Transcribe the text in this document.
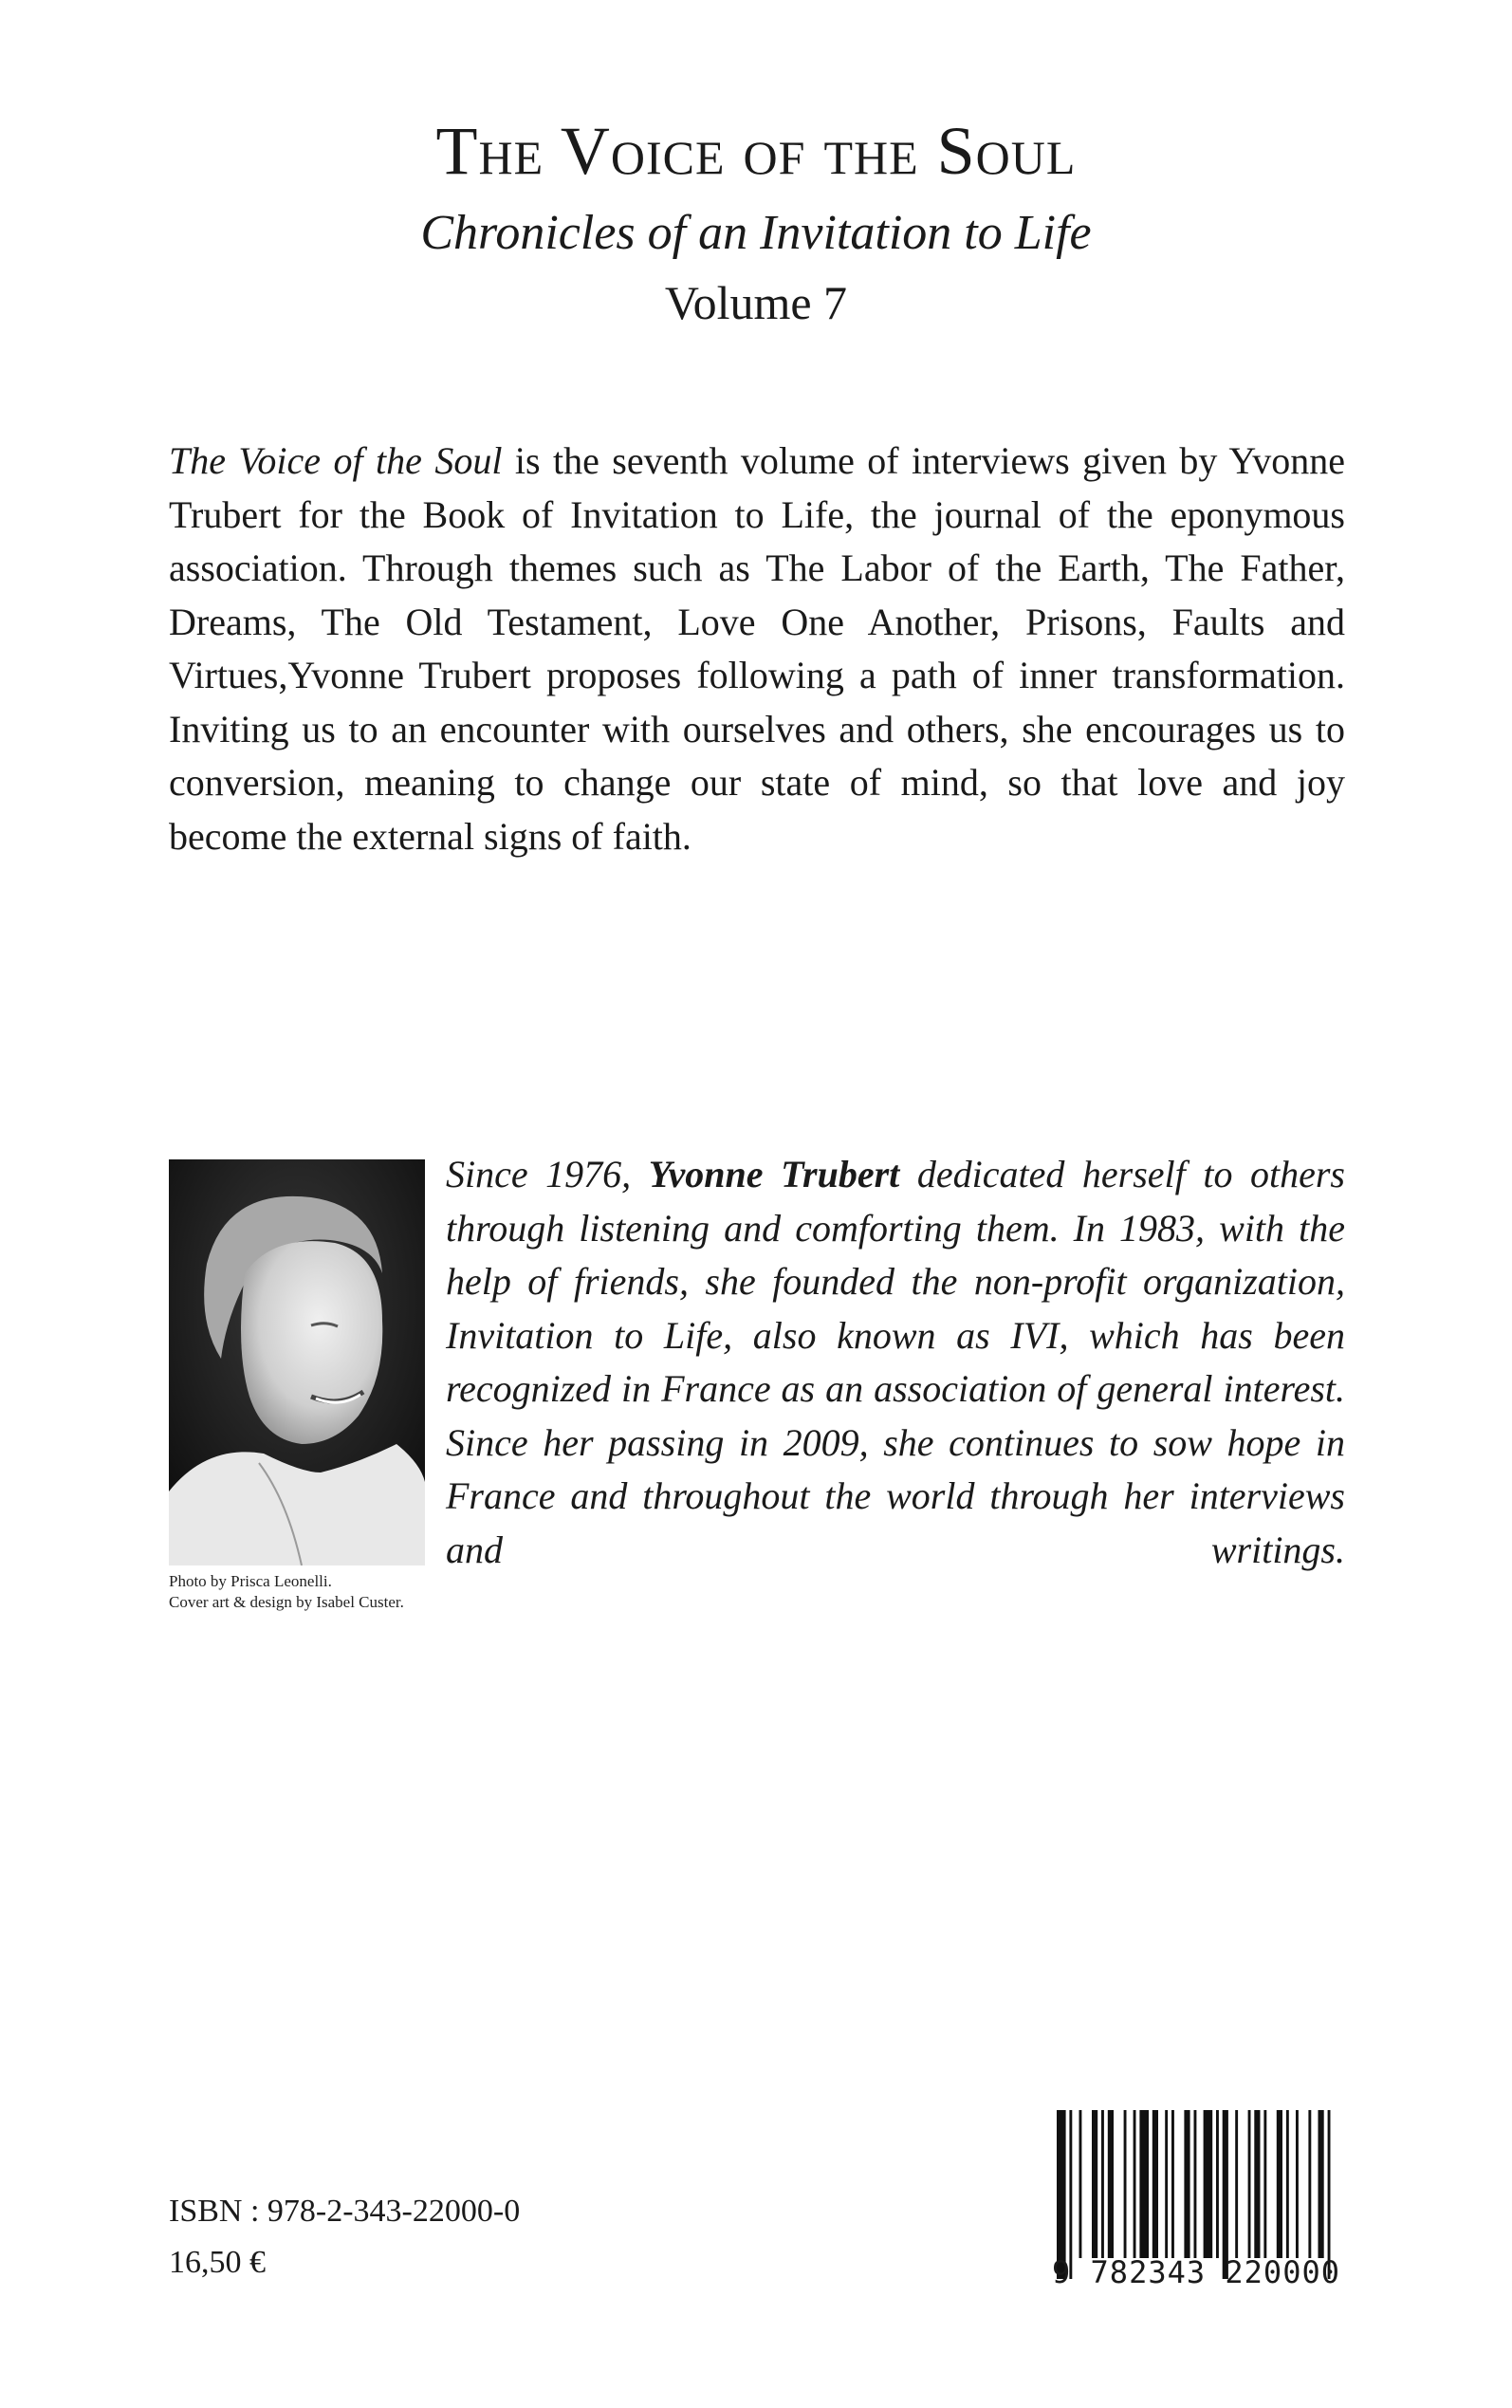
The Voice of the Soul

Chronicles of an Invitation to Life

Volume 7

The Voice of the Soul is the seventh volume of interviews given by Yvonne Trubert for the Book of Invitation to Life, the journal of the eponymous association. Through themes such as The Labor of the Earth, The Father, Dreams, The Old Testament, Love One Another, Prisons, Faults and Virtues,Yvonne Trubert proposes following a path of inner transformation. Inviting us to an encounter with ourselves and others, she encourages us to conversion, meaning to change our state of mind, so that love and joy become the external signs of faith.

Photo by Prisca Leonelli.
Cover art & design by Isabel Custer.

Since 1976, Yvonne Trubert dedicated herself to others through listening and comforting them. In 1983, with the help of friends, she founded the non-profit organization, Invitation to Life, also known as IVI, which has been recognized in France as an association of general interest. Since her passing in 2009, she continues to sow hope in France and throughout the world through her interviews and writings.

ISBN : 978-2-343-22000-0
16,50 €	9 782343 220000
